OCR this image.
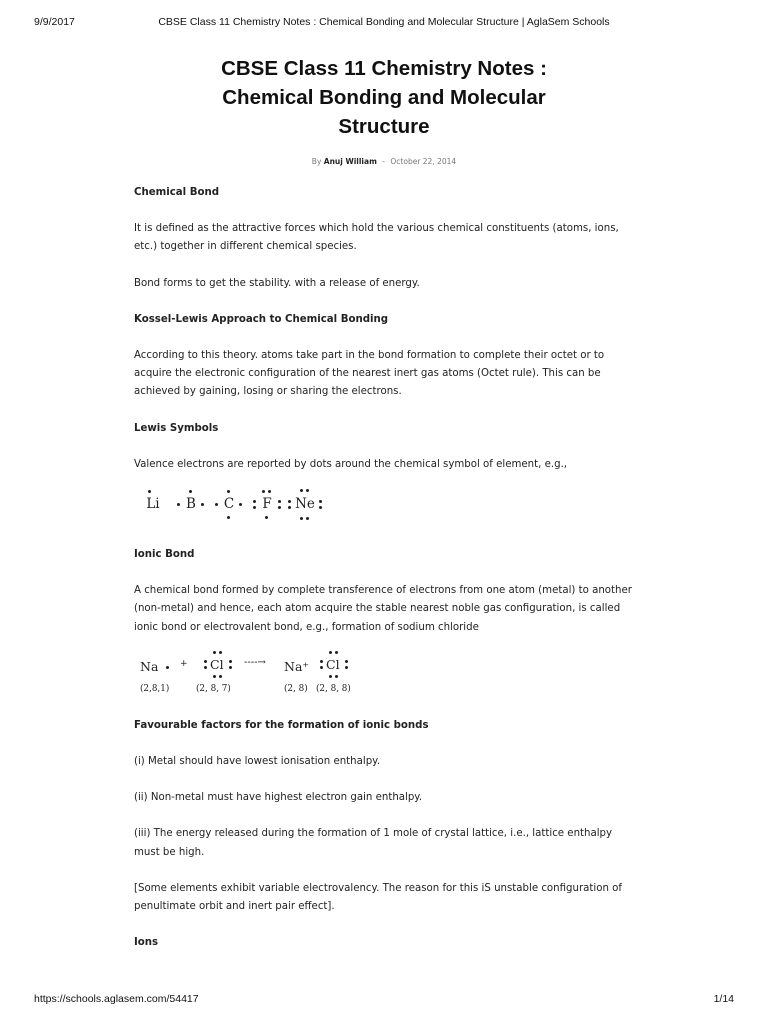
9/9/2017	CBSE Class 11 Chemistry Notes : Chemical Bonding and Molecular Structure | AglaSem Schools
CBSE Class 11 Chemistry Notes : Chemical Bonding and Molecular Structure
By Anuj William - October 22, 2014
Chemical Bond

It is defined as the attractive forces which hold the various chemical constituents (atoms, ions, etc.) together in different chemical species.

Bond forms to get the stability. with a release of energy.

Kossel-Lewis Approach to Chemical Bonding

According to this theory. atoms take part in the bond formation to complete their octet or to acquire the electronic configuration of the nearest inert gas atoms (Octet rule). This can be achieved by gaining, losing or sharing the electrons.

Lewis Symbols

Valence electrons are reported by dots around the chemical symbol of element, e.g.,

Li B C F Ne
Ionic Bond

A chemical bond formed by complete transference of electrons from one atom (metal) to another (non-metal) and hence, each atom acquire the stable nearest noble gas configuration, is called ionic bond or electrovalent bond, e.g., formation of sodium chloride

Na + Cl ----→ Na⁺ Cl
(2,8,1)	(2, 8, 7)	(2, 8) (2, 8, 8)
Favourable factors for the formation of ionic bonds

(i) Metal should have lowest ionisation enthalpy.

(ii) Non-metal must have highest electron gain enthalpy.

(iii) The energy released during the formation of 1 mole of crystal lattice, i.e., lattice enthalpy must be high.

[Some elements exhibit variable electrovalency. The reason for this iS unstable configuration of penultimate orbit and inert pair effect].

Ions
https://schools.aglasem.com/54417	1/14
